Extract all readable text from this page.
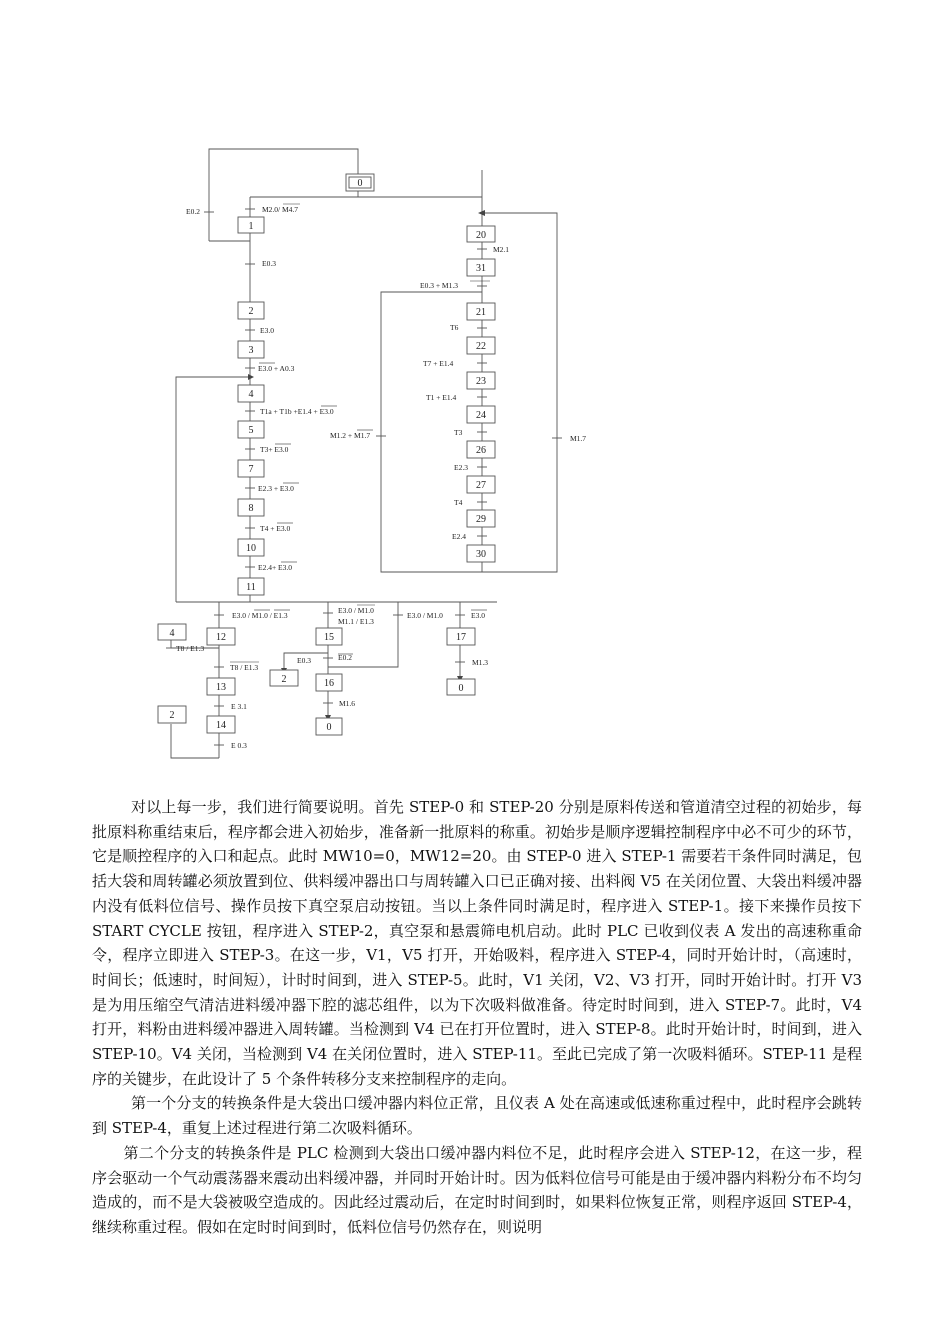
0
1
2
3
4
5
7
8
10
11
12
13
14
15
16
17
20
31
21
22
23
24
26
27
29
30
4
2
2
0
0
M2.0/ M4.7
E0.2
E0.3
E3.0
E3.0 + A0.3
T1a + T1b +E1.4 + E3.0
T3+ E3.0
E2.3 + E3.0
T4 + E3.0
E2.4+ E3.0
E3.0 / M1.0 / E1.3
T8 / E1.3
T8 / E1.3
E 3.1
E 0.3
E3.0 / M1.0
M1.1 / E1.3
E3.0 / M1.0
E0.3	E0.2
M1.6
E3.0
M1.3
M2.1
E0.3 + M1.3
T6
T7 + E1.4
T1 + E1.4
T3
E2.3
T4
E2.4
M1.2 + M1.7	M1.7

对以上每一步，我们进行简要说明。首先 STEP-0 和 STEP-20 分别是原料传送和管道清空过程的初始步，每批原料称重结束后，程序都会进入初始步，准备新一批原料的称重。初始步是顺序逻辑控制程序中必不可少的环节，它是顺控程序的入口和起点。此时 MW10=0，MW12=20。由 STEP-0 进入 STEP-1 需要若干条件同时满足，包括大袋和周转罐必须放置到位、供料缓冲器出口与周转罐入口已正确对接、出料阀 V5 在关闭位置、大袋出料缓冲器内没有低料位信号、操作员按下真空泵启动按钮。当以上条件同时满足时，程序进入 STEP-1。接下来操作员按下 START CYCLE 按钮，程序进入 STEP-2，真空泵和悬震筛电机启动。此时 PLC 已收到仪表 A 发出的高速称重命令，程序立即进入 STEP-3。在这一步，V1，V5 打开，开始吸料，程序进入 STEP-4，同时开始计时，（高速时，时间长；低速时，时间短），计时时间到，进入 STEP-5。此时，V1 关闭，V2、V3 打开，同时开始计时。打开 V3 是为用压缩空气清洁进料缓冲器下腔的滤芯组件，以为下次吸料做准备。待定时时间到，进入 STEP-7。此时，V4 打开，料粉由进料缓冲器进入周转罐。当检测到 V4 已在打开位置时，进入 STEP-8。此时开始计时，时间到，进入 STEP-10。V4 关闭，当检测到 V4 在关闭位置时，进入 STEP-11。至此已完成了第一次吸料循环。STEP-11 是程序的关键步，在此设计了 5 个条件转移分支来控制程序的走向。

第一个分支的转换条件是大袋出口缓冲器内料位正常，且仪表 A 处在高速或低速称重过程中，此时程序会跳转到 STEP-4，重复上述过程进行第二次吸料循环。

第二个分支的转换条件是 PLC 检测到大袋出口缓冲器内料位不足，此时程序会进入 STEP-12，在这一步，程序会驱动一个气动震荡器来震动出料缓冲器，并同时开始计时。因为低料位信号可能是由于缓冲器内料粉分布不均匀造成的，而不是大袋被吸空造成的。因此经过震动后，在定时时间到时，如果料位恢复正常，则程序返回 STEP-4，继续称重过程。假如在定时时间到时，低料位信号仍然存在，则说明
